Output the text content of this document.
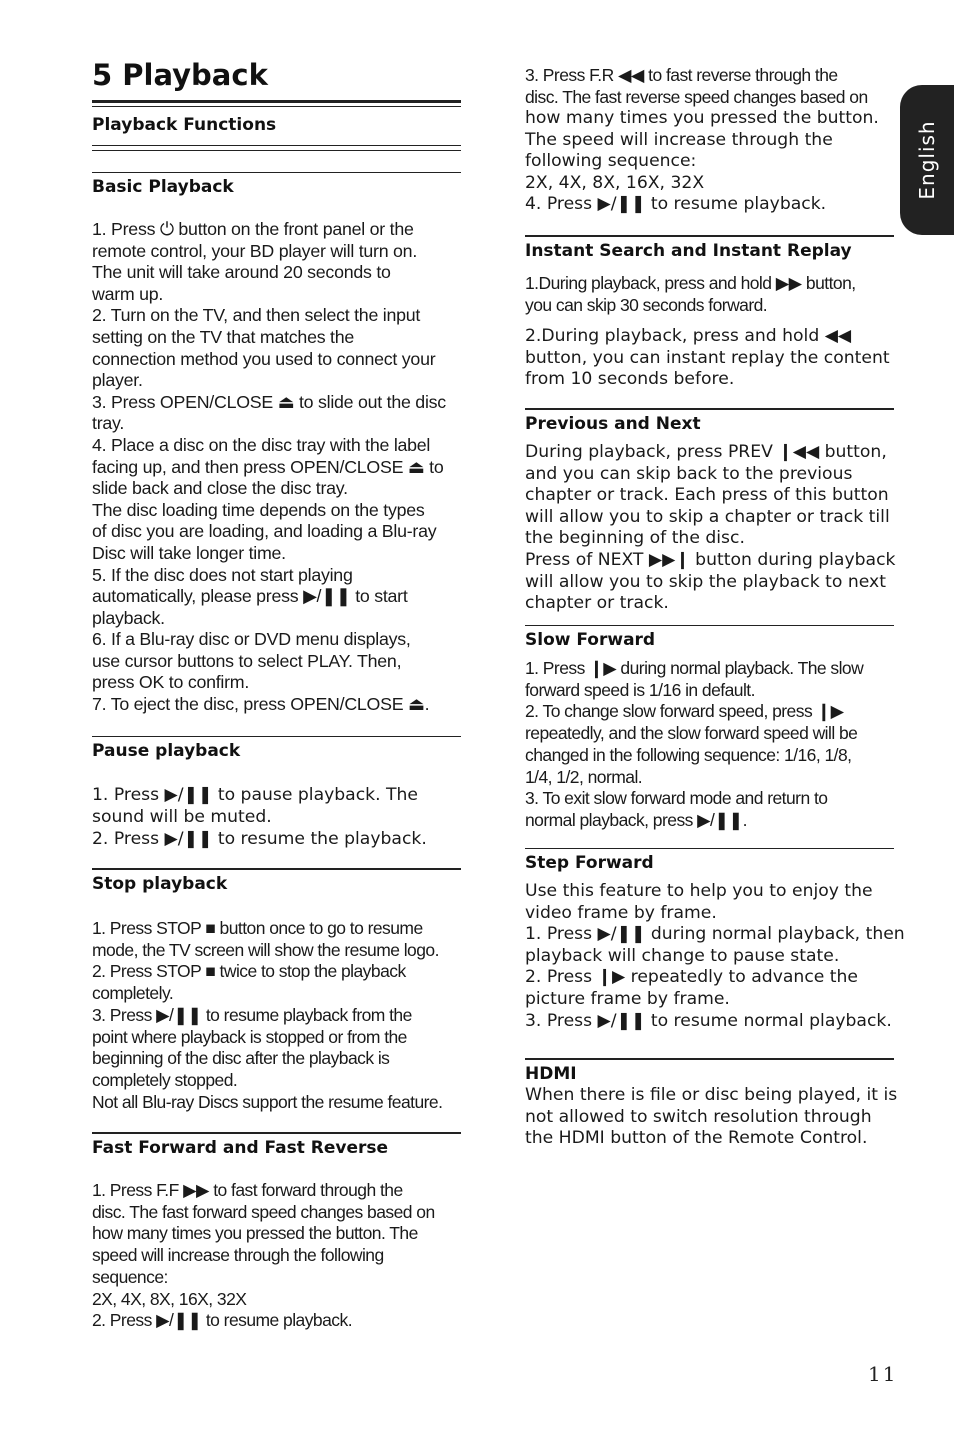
5 Playback
Playback Functions
Basic Playback
1. Press ⏻ button on the front panel or the
remote control, your BD player will turn on.
The unit will take around 20 seconds to
warm up.
2. Turn on the TV, and then select the input
setting on the TV that matches the
connection method you used to connect your
player.
3. Press OPEN/CLOSE ⏏ to slide out the disc
tray.
4. Place a disc on the disc tray with the label
facing up, and then press OPEN/CLOSE ⏏ to
slide back and close the disc tray.
The disc loading time depends on the types
of disc you are loading, and loading a Blu-ray
Disc will take longer time.
5. If the disc does not start playing
automatically, please press ▶/❚❚ to start
playback.
6. If a Blu-ray disc or DVD menu displays,
use cursor buttons to select PLAY. Then,
press OK to confirm.
7. To eject the disc, press OPEN/CLOSE ⏏.
Pause playback
1. Press ▶/❚❚ to pause playback. The
sound will be muted.
2. Press ▶/❚❚ to resume the playback.
Stop playback
1. Press STOP ■ button once to go to resume
mode, the TV screen will show the resume logo.
2. Press STOP ■ twice to stop the playback
completely.
3. Press ▶/❚❚ to resume playback from the
point where playback is stopped or from the
beginning of the disc after the playback is
completely stopped.
Not all Blu-ray Discs support the resume feature.
Fast Forward and Fast Reverse
1. Press F.F ▶▶ to fast forward through the
disc. The fast forward speed changes based on
how many times you pressed the button. The
speed will increase through the following
sequence:
2X, 4X, 8X, 16X, 32X
2. Press ▶/❚❚ to resume playback.
3. Press F.R ◀◀ to fast reverse through the
disc. The fast reverse speed changes based on
how many times you pressed the button.
The speed will increase through the
following sequence:
2X, 4X, 8X, 16X, 32X
4. Press ▶/❚❚ to resume playback.
Instant Search and Instant Replay
1.During playback, press and hold ▶▶ button,
you can skip 30 seconds forward.
2.During playback, press and hold ◀◀
button, you can instant replay the content
from 10 seconds before.
Previous and Next
During playback, press PREV ❙◀◀ button,
and you can skip back to the previous
chapter or track. Each press of this button
will allow you to skip a chapter or track till
the beginning of the disc.
Press of NEXT ▶▶❙ button during playback
will allow you to skip the playback to next
chapter or track.
Slow Forward
1. Press ❙▶ during normal playback. The slow
forward speed is 1/16 in default.
2. To change slow forward speed, press ❙▶
repeatedly, and the slow forward speed will be
changed in the following sequence: 1/16, 1/8,
1/4, 1/2, normal.
3. To exit slow forward mode and return to
normal playback, press ▶/❚❚.
Step Forward
Use this feature to help you to enjoy the
video frame by frame.
1. Press ▶/❚❚ during normal playback, then
playback will change to pause state.
2. Press ❙▶ repeatedly to advance the
picture frame by frame.
3. Press ▶/❚❚ to resume normal playback.
HDMI
When there is file or disc being played, it is
not allowed to switch resolution through
the HDMI button of the Remote Control.
English

11
